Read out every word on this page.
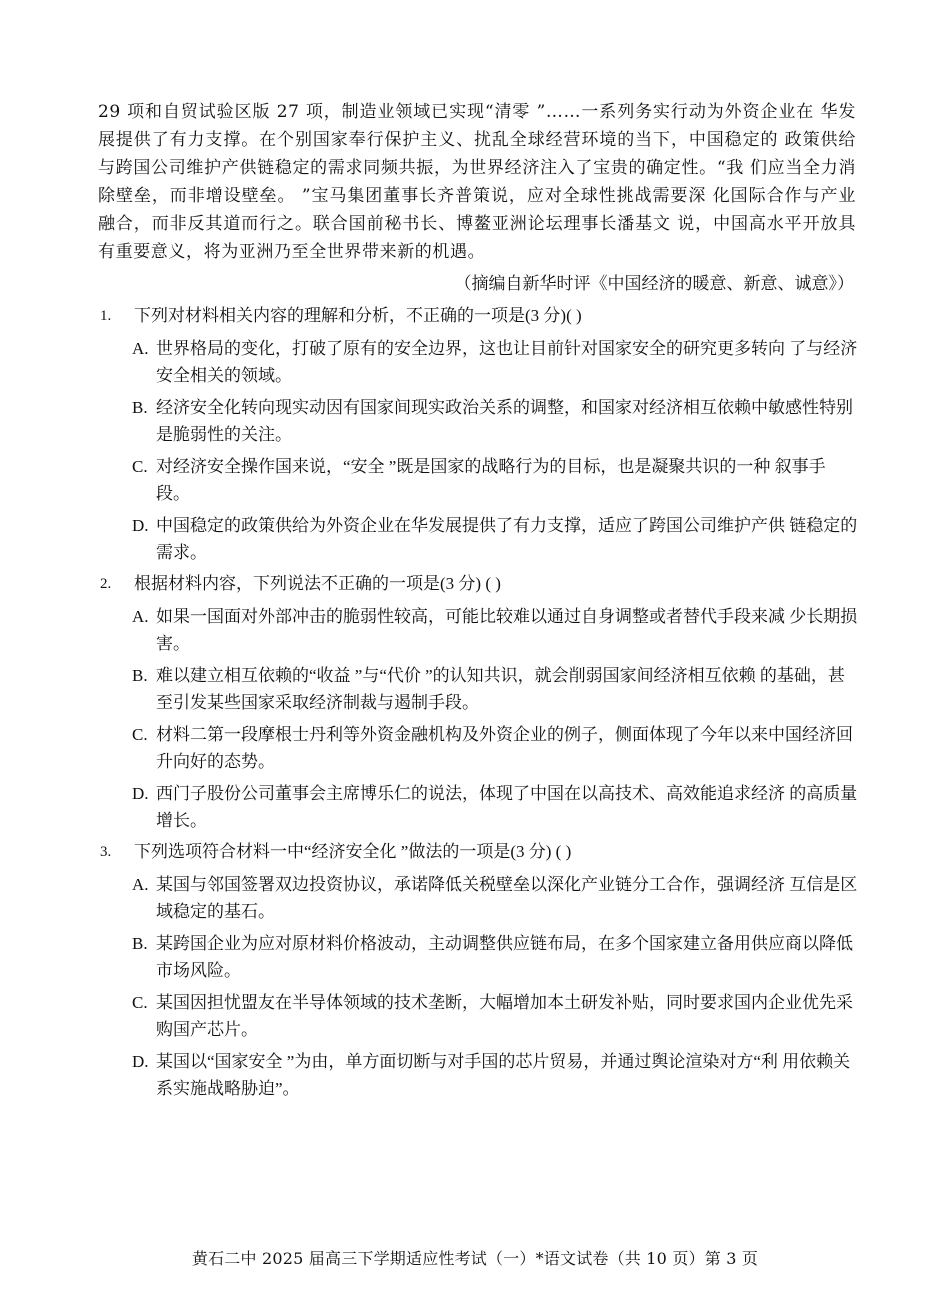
29 项和自贸试验区版 27 项，制造业领域已实现“清零 ”……一系列务实行动为外资企业在 华发展提供了有力支撑。在个别国家奉行保护主义、扰乱全球经营环境的当下，中国稳定的 政策供给与跨国公司维护产供链稳定的需求同频共振，为世界经济注入了宝贵的确定性。“我 们应当全力消除壁垒，而非增设壁垒。 ”宝马集团董事长齐普策说，应对全球性挑战需要深 化国际合作与产业融合，而非反其道而行之。联合国前秘书长、博鳌亚洲论坛理事长潘基文 说，中国高水平开放具有重要意义，将为亚洲乃至全世界带来新的机遇。

（摘编自新华时评《中国经济的暖意、新意、诚意》）

1. 下列对材料相关内容的理解和分析，不正确的一项是(3 分)( )

A. 世界格局的变化，打破了原有的安全边界，这也让目前针对国家安全的研究更多转向 了与经济安全相关的领域。

B. 经济安全化转向现实动因有国家间现实政治关系的调整，和国家对经济相互依赖中敏感性特别是脆弱性的关注。

C. 对经济安全操作国来说，“安全 ”既是国家的战略行为的目标，也是凝聚共识的一种 叙事手段。

D. 中国稳定的政策供给为外资企业在华发展提供了有力支撑，适应了跨国公司维护产供 链稳定的需求。

2. 根据材料内容，下列说法不正确的一项是(3 分) ( )

A. 如果一国面对外部冲击的脆弱性较高，可能比较难以通过自身调整或者替代手段来减 少长期损害。

B. 难以建立相互依赖的“收益 ”与“代价 ”的认知共识，就会削弱国家间经济相互依赖 的基础，甚至引发某些国家采取经济制裁与遏制手段。

C. 材料二第一段摩根士丹利等外资金融机构及外资企业的例子，侧面体现了今年以来中国经济回升向好的态势。

D. 西门子股份公司董事会主席博乐仁的说法，体现了中国在以高技术、高效能追求经济 的高质量增长。

3. 下列选项符合材料一中“经济安全化 ”做法的一项是(3 分) ( )

A. 某国与邻国签署双边投资协议，承诺降低关税壁垒以深化产业链分工合作，强调经济 互信是区域稳定的基石。

B. 某跨国企业为应对原材料价格波动，主动调整供应链布局，在多个国家建立备用供应商以降低市场风险。

C. 某国因担忧盟友在半导体领域的技术垄断，大幅增加本土研发补贴，同时要求国内企业优先采购国产芯片。

D. 某国以“国家安全 ”为由，单方面切断与对手国的芯片贸易，并通过舆论渲染对方“利 用依赖关系实施战略胁迫”。

黄石二中 2025 届高三下学期适应性考试（一）*语文试卷（共 10 页）第 3 页
